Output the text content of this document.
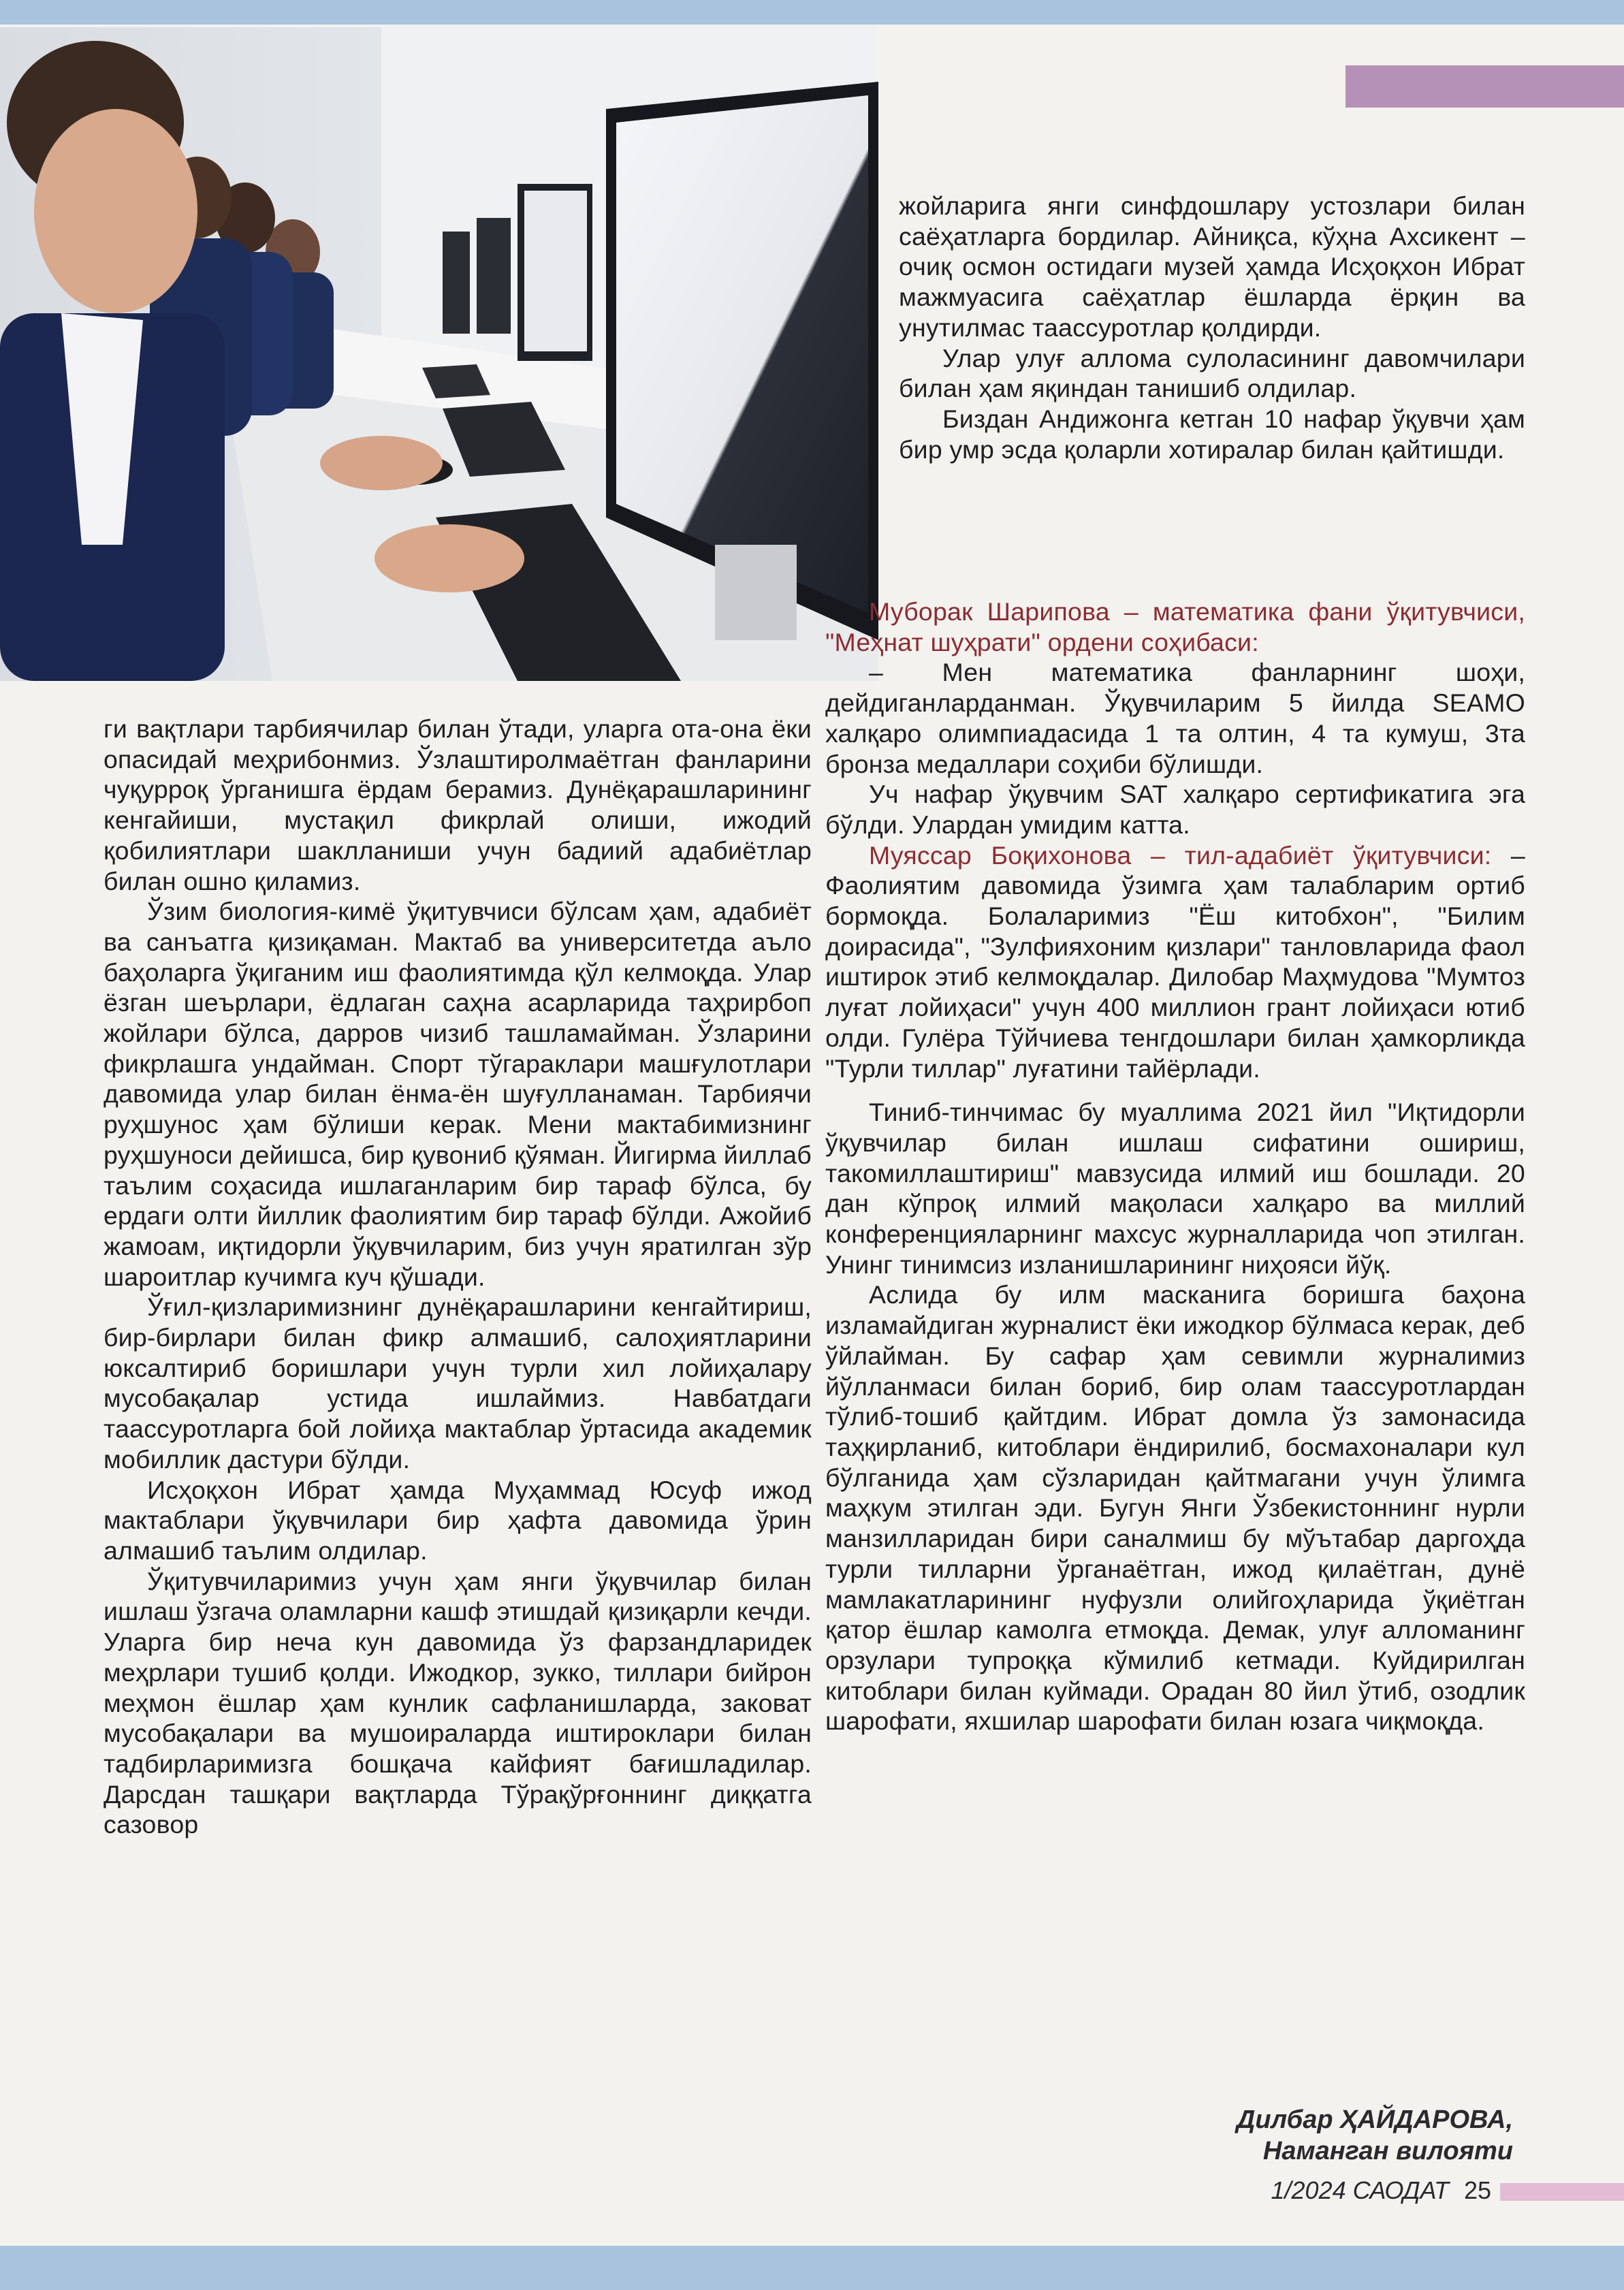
жойларига янги синфдошлару устозлари билан саёҳатларга бордилар. Айниқса, кўҳна Ахсикент – очиқ осмон остидаги музей ҳамда Исҳоқхон Ибрат мажмуасига саёҳатлар ёшларда ёрқин ва унутилмас таассуротлар қолдирди.

Улар улуғ аллома сулоласининг давомчилари билан ҳам яқиндан танишиб олдилар.

Биздан Андижонга кетган 10 нафар ўқувчи ҳам бир умр эсда қоларли хотиралар билан қайтишди.

Муборак Шарипова – математика фани ўқитувчиси, "Меҳнат шуҳрати" ордени соҳибаси:

– Мен математика фанларнинг шоҳи, дейдиганларданман. Ўқувчиларим 5 йилда SEAMO халқаро олимпиадасида 1 та олтин, 4 та кумуш, 3та бронза медаллари соҳиби бўлишди.

Уч нафар ўқувчим SAT халқаро сертификатига эга бўлди. Улардан умидим катта.

Муяссар Боқихонова – тил-адабиёт ўқитувчиси: – Фаолиятим давомида ўзимга ҳам талабларим ортиб бормоқда. Болаларимиз "Ёш китобхон", "Билим доирасида", "Зулфияхоним қизлари" танловларида фаол иштирок этиб келмоқдалар. Дилобар Маҳмудова "Мумтоз луғат лойиҳаси" учун 400 миллион грант лойиҳаси ютиб олди. Гулёра Тўйчиева тенгдошлари билан ҳамкорликда "Турли тиллар" луғатини тайёрлади.

Тиниб-тинчимас бу муаллима 2021 йил "Иқтидорли ўқувчилар билан ишлаш сифатини ошириш, такомиллаштириш" мавзусида илмий иш бошлади. 20 дан кўпроқ илмий мақоласи халқаро ва миллий конференцияларнинг махсус журналларида чоп этилган. Унинг тинимсиз изланишларининг ниҳояси йўқ.

Аслида бу илм масканига боришга баҳона изламайдиган журналист ёки ижодкор бўлмаса керак, деб ўйлайман. Бу сафар ҳам севимли журналимиз йўлланмаси билан бориб, бир олам таассуротлардан тўлиб-тошиб қайтдим. Ибрат домла ўз замонасида таҳқирланиб, китоблари ёндирилиб, босмахоналари кул бўлганида ҳам сўзларидан қайтмагани учун ўлимга маҳкум этилган эди. Бугун Янги Ўзбекистоннинг нурли манзилларидан бири саналмиш бу мўътабар даргоҳда турли тилларни ўрганаётган, ижод қилаётган, дунё мамлакатларининг нуфузли олийгоҳларида ўқиётган қатор ёшлар камолга етмоқда. Демак, улуғ алломанинг орзулари тупроққа кўмилиб кетмади. Куйдирилган китоблари билан куймади. Орадан 80 йил ўтиб, озодлик шарофати, яхшилар шарофати билан юзага чиқмоқда.

ги вақтлари тарбиячилар билан ўтади, уларга ота-она ёки опасидай меҳрибонмиз. Ўзлаштиролмаётган фанларини чуқурроқ ўрганишга ёрдам берамиз. Дунёқарашларининг кенгайиши, мустақил фикрлай олиши, ижодий қобилиятлари шаклланиши учун бадиий адабиётлар билан ошно қиламиз.

Ўзим биология-кимё ўқитувчиси бўлсам ҳам, адабиёт ва санъатга қизиқаман. Мактаб ва университетда аъло баҳоларга ўқиганим иш фаолиятимда қўл келмоқда. Улар ёзган шеърлари, ёдлаган саҳна асарларида таҳрирбоп жойлари бўлса, дарров чизиб ташламайман. Ўзларини фикрлашга ундайман. Спорт тўгараклари машғулотлари давомида улар билан ёнма-ён шуғулланаман. Тарбиячи руҳшунос ҳам бўлиши керак. Мени мактабимизнинг руҳшуноси дейишса, бир қувониб қўяман. Йигирма йиллаб таълим соҳасида ишлаганларим бир тараф бўлса, бу ердаги олти йиллик фаолиятим бир тараф бўлди. Ажойиб жамоам, иқтидорли ўқувчиларим, биз учун яратилган зўр шароитлар кучимга куч қўшади.

Ўғил-қизларимизнинг дунёқарашларини кенгайтириш, бир-бирлари билан фикр алмашиб, салоҳиятларини юксалтириб боришлари учун турли хил лойиҳалару мусобақалар устида ишлаймиз. Навбатдаги таассуротларга бой лойиҳа мактаблар ўртасида академик мобиллик дастури бўлди.

Исҳоқхон Ибрат ҳамда Муҳаммад Юсуф ижод мактаблари ўқувчилари бир ҳафта давомида ўрин алмашиб таълим олдилар.

Ўқитувчиларимиз учун ҳам янги ўқувчилар билан ишлаш ўзгача оламларни кашф этишдай қизиқарли кечди. Уларга бир неча кун давомида ўз фарзандларидек меҳрлари тушиб қолди. Ижодкор, зукко, тиллари бийрон меҳмон ёшлар ҳам кунлик сафланишларда, заковат мусобақалари ва мушоираларда иштироклари билан тадбирларимизга бошқача кайфият бағишладилар. Дарсдан ташқари вақтларда Тўрақўрғоннинг диққатга сазовор

Дилбар ҲАЙДАРОВА,
Наманган вилояти
1/2024 САОДАТ 25
